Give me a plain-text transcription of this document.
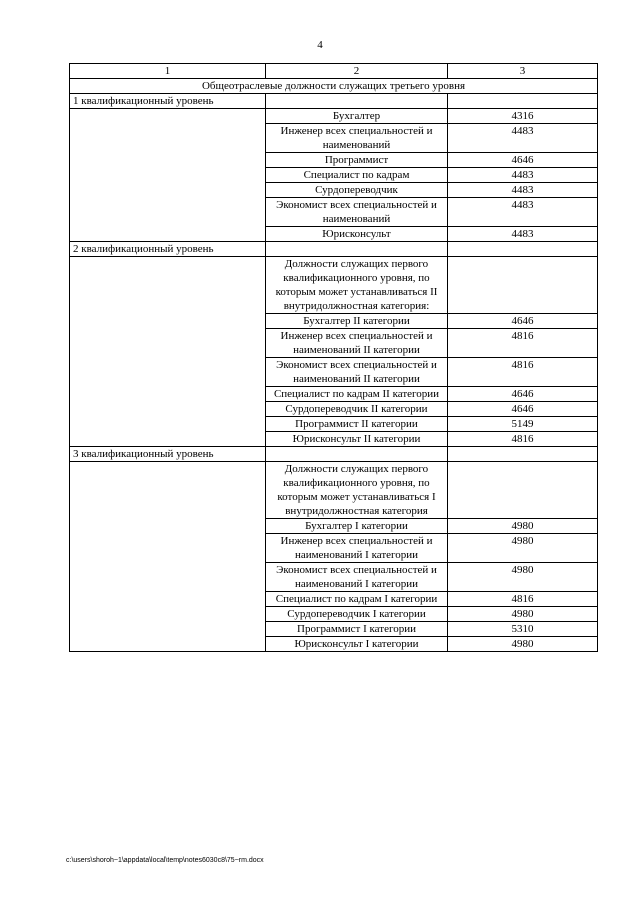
4
1	2	3
Общеотраслевые должности служащих третьего уровня		
1 квалификационный уровень		
	Бухгалтер	4316
	Инженер всех специальностей и наименований	4483
	Программист	4646
	Специалист по кадрам	4483
	Сурдопереводчик	4483
	Экономист всех специальностей и наименований	4483
	Юрисконсульт	4483
2 квалификационный уровень		
	Должности служащих первого квалификационного уровня, по которым может устанавливаться II внутридолжностная категория:	
	Бухгалтер II категории	4646
	Инженер всех специальностей и наименований II категории	4816
	Экономист всех специальностей и наименований II категории	4816
	Специалист по кадрам II категории	4646
	Сурдопереводчик II категории	4646
	Программист II категории	5149
	Юрисконсульт II категории	4816
3 квалификационный уровень		
	Должности служащих первого квалификационного уровня, по которым может устанавливаться I внутридолжностная категория	
	Бухгалтер I категории	4980
	Инженер всех специальностей и наименований I категории	4980
	Экономист всех специальностей и наименований I категории	4980
	Специалист по кадрам I категории	4816
	Сурдопереводчик I категории	4980
	Программист I категории	5310
	Юрисконсульт I категории	4980
c:\users\shoroh~1\appdata\local\temp\notes6030c8\75~rm.docx
